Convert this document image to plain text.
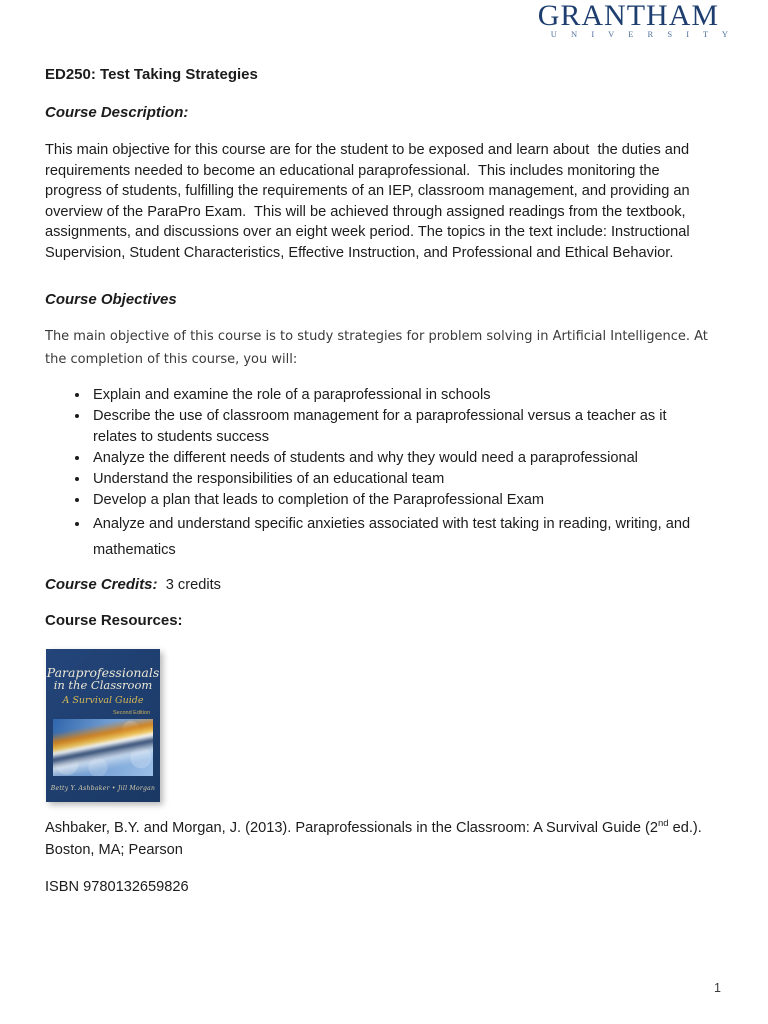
GRANTHAM
U N I V E R S I T Y
ED250: Test Taking Strategies
Course Description:
This main objective for this course are for the student to be exposed and learn about  the duties and requirements needed to become an educational paraprofessional.  This includes monitoring the progress of students, fulfilling the requirements of an IEP, classroom management, and providing an overview of the ParaPro Exam.  This will be achieved through assigned readings from the textbook, assignments, and discussions over an eight week period. The topics in the text include: Instructional Supervision, Student Characteristics, Effective Instruction, and Professional and Ethical Behavior.
Course Objectives
The main objective of this course is to study strategies for problem solving in Artificial Intelligence. At the completion of this course, you will:
• Explain and examine the role of a paraprofessional in schools
• Describe the use of classroom management for a paraprofessional versus a teacher as it relates to students success
• Analyze the different needs of students and why they would need a paraprofessional
• Understand the responsibilities of an educational team
• Develop a plan that leads to completion of the Paraprofessional Exam
• Analyze and understand specific anxieties associated with test taking in reading, writing, and mathematics
Course Credits: 3 credits
Course Resources:
Paraprofessionals
in the Classroom
A Survival Guide
Second Edition
Betty Y. Ashbaker • Jill Morgan
Ashbaker, B.Y. and Morgan, J. (2013). Paraprofessionals in the Classroom: A Survival Guide (2nd ed.). Boston, MA; Pearson
ISBN 9780132659826
1
